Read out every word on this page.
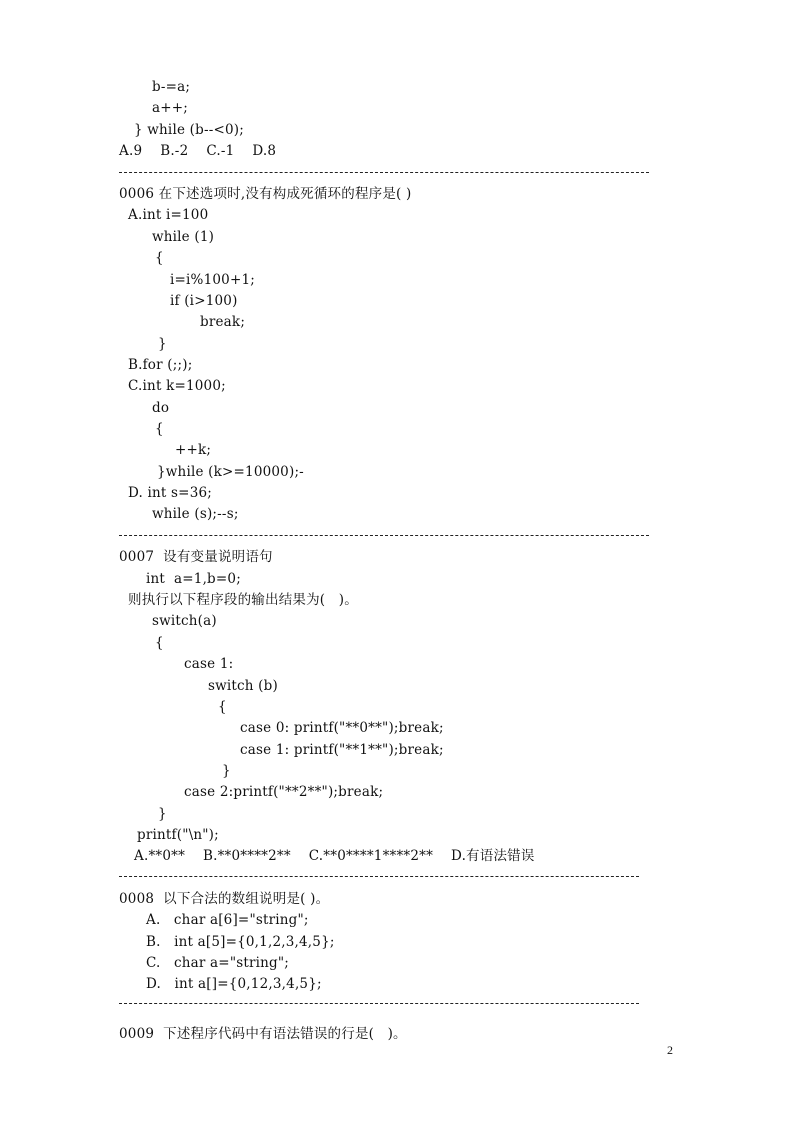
b-=a;
a++;
} while (b--<0);
A.9    B.-2    C.-1    D.8
0006 在下述选项时,没有构成死循环的程序是( )
A.int i=100
while (1)
{
i=i%100+1;
if (i>100)
break;
}
B.for (;;);
C.int k=1000;
do
{
++k;
}while (k>=10000);-
D. int s=36;
while (s);--s;
0007  设有变量说明语句
int  a=1,b=0;
则执行以下程序段的输出结果为(   )。
switch(a)
{
case 1:
switch (b)
{
case 0: printf("**0**");break;
case 1: printf("**1**");break;
}
case 2:printf("**2**");break;
}
printf("\n");
A.**0**    B.**0****2**    C.**0****1****2**    D.有语法错误
0008  以下合法的数组说明是( )。
A.   char a[6]="string";
B.   int a[5]={0,1,2,3,4,5};
C.   char a="string";
D.   int a[]={0,12,3,4,5};
0009  下述程序代码中有语法错误的行是(   )。
2
